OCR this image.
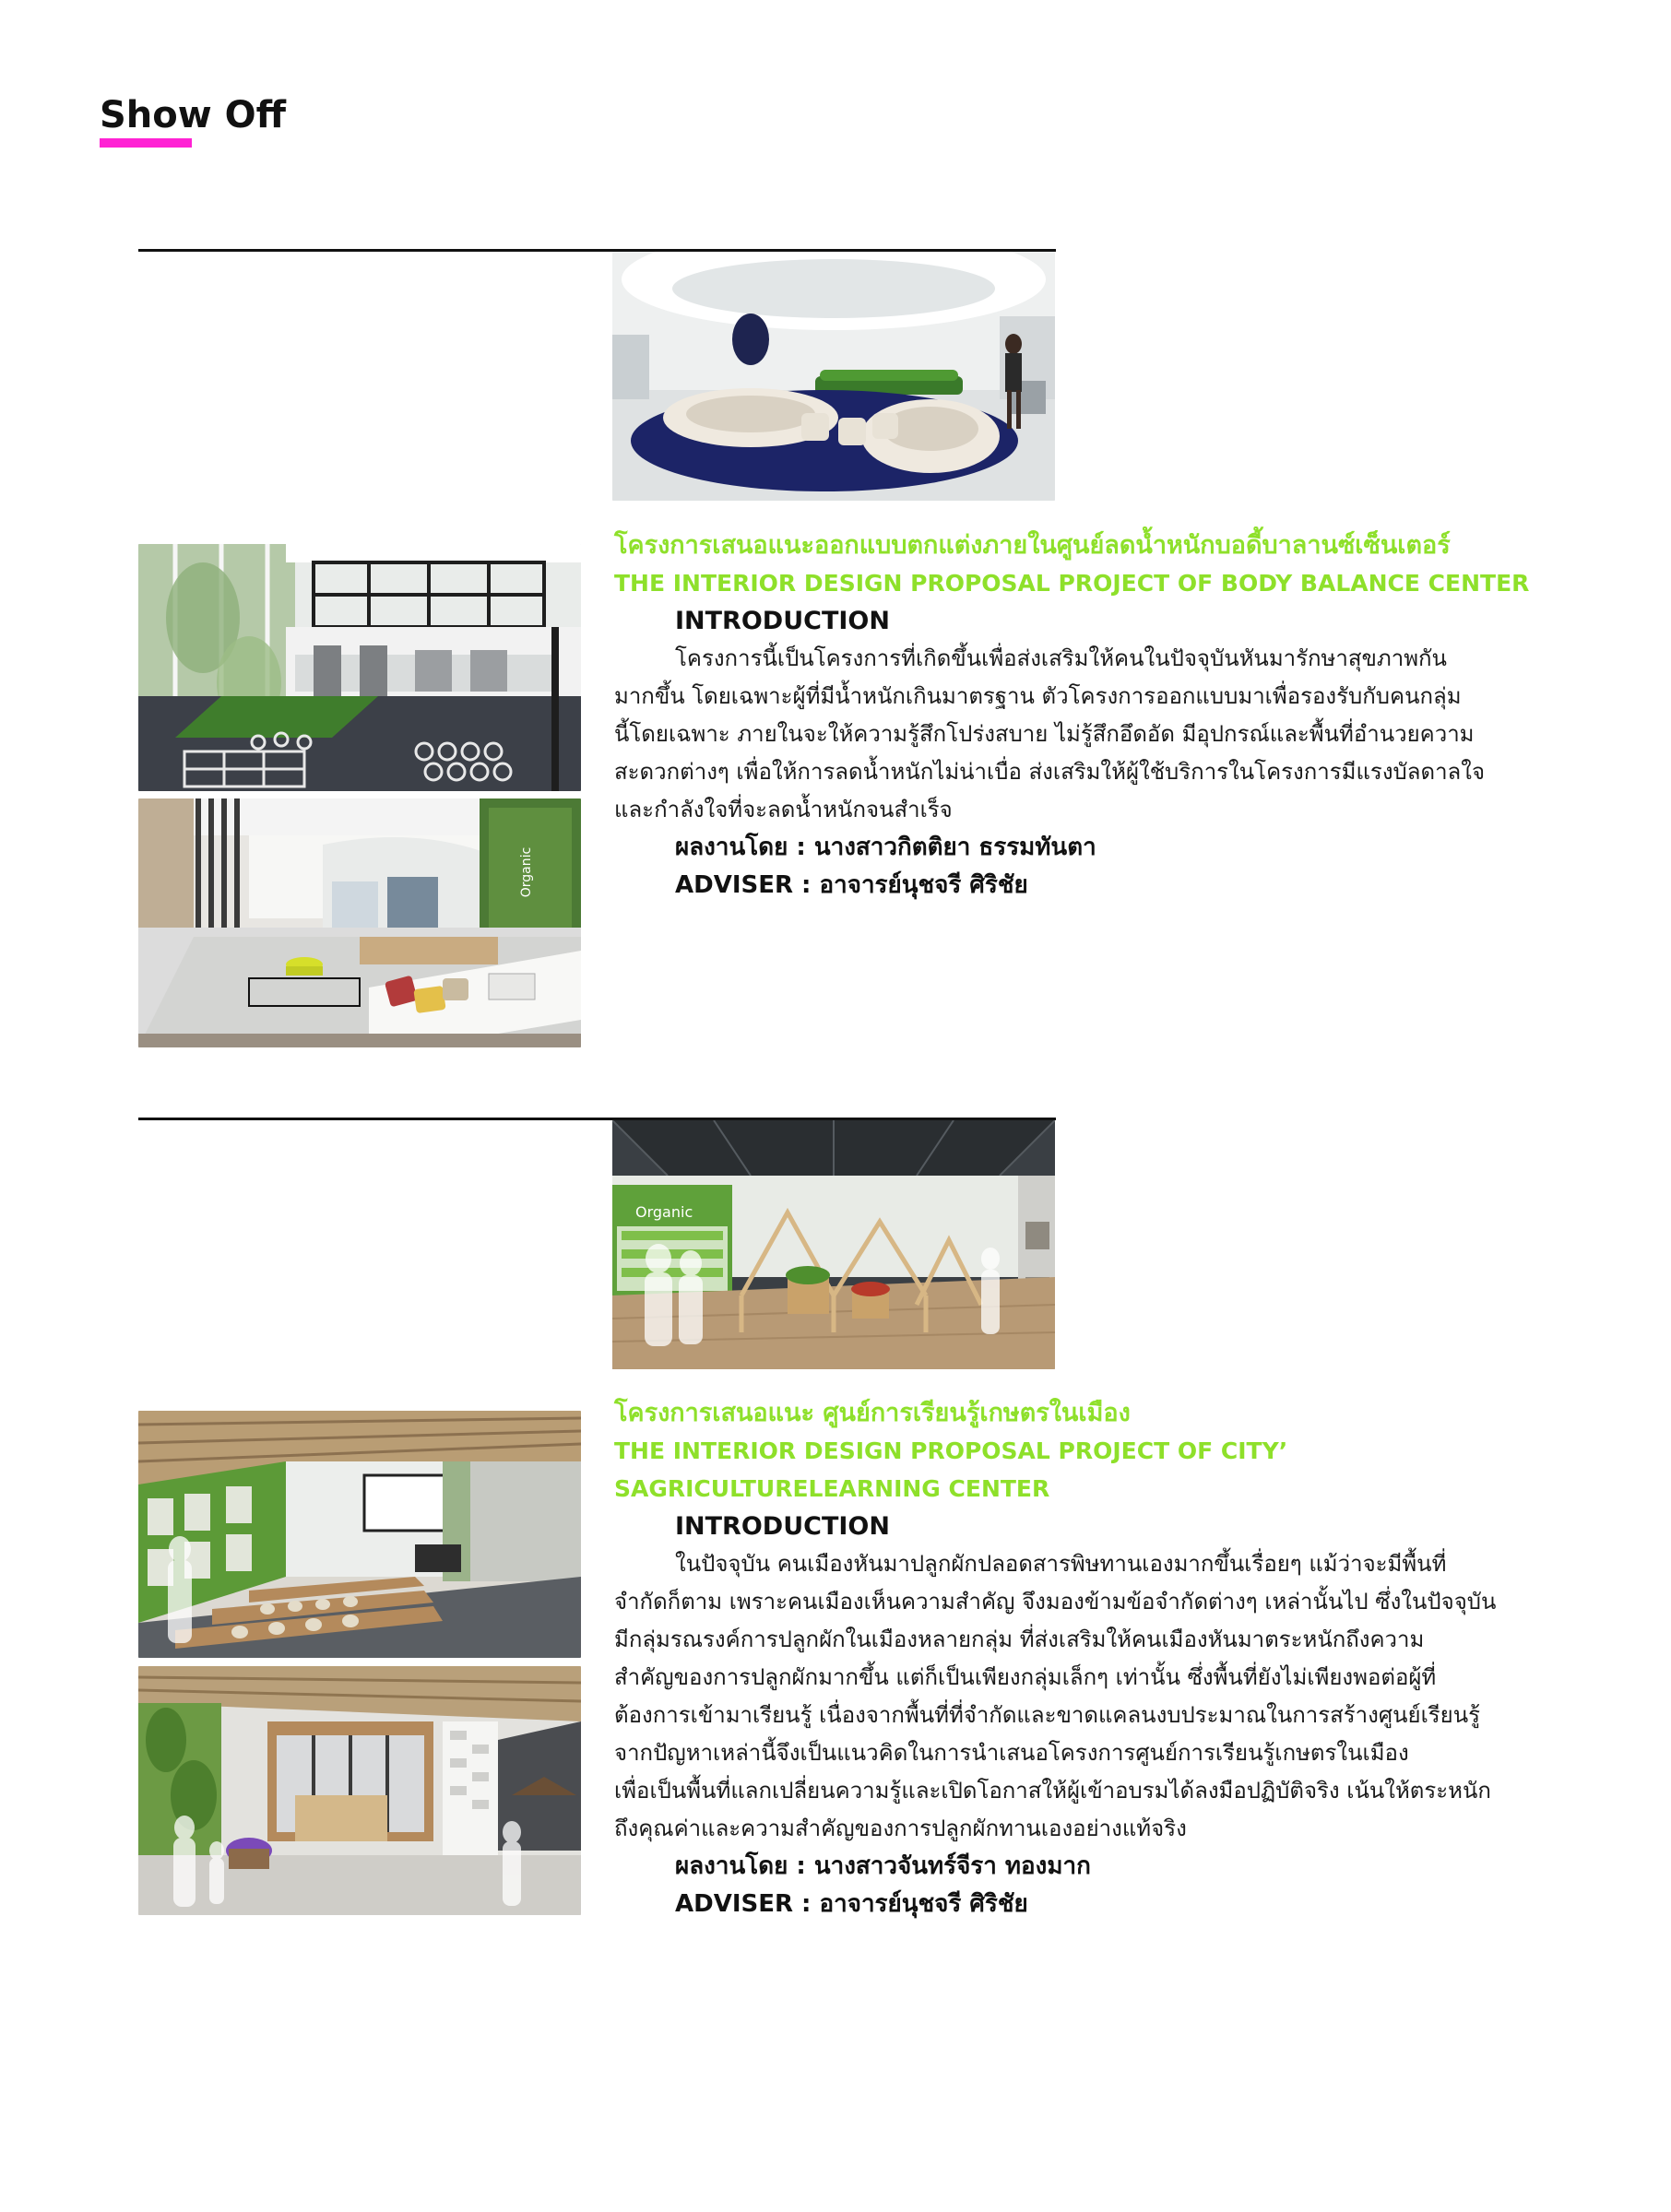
Show Off
Organic

โครงการเสนอแนะออกแบบตกแต่งภายในศูนย์ลดน้ำหนักบอดี้บาลานซ์เซ็นเตอร์

THE INTERIOR DESIGN PROPOSAL PROJECT OF BODY BALANCE CENTER

INTRODUCTION

โครงการนี้เป็นโครงการที่เกิดขึ้นเพื่อส่งเสริมให้คนในปัจจุบันหันมารักษาสุขภาพกัน
มากขึ้น โดยเฉพาะผู้ที่มีน้ำหนักเกินมาตรฐาน ตัวโครงการออกแบบมาเพื่อรองรับกับคนกลุ่ม
นี้โดยเฉพาะ ภายในจะให้ความรู้สึกโปร่งสบาย ไม่รู้สึกอึดอัด มีอุปกรณ์และพื้นที่อำนวยความ
สะดวกต่างๆ เพื่อให้การลดน้ำหนักไม่น่าเบื่อ ส่งเสริมให้ผู้ใช้บริการในโครงการมีแรงบัลดาลใจ
และกำลังใจที่จะลดน้ำหนักจนสำเร็จ

ผลงานโดย : นางสาวกิตติยา ธรรมทันตา

ADVISER : อาจารย์นุชจรี ศิริชัย

Organic

โครงการเสนอแนะ ศูนย์การเรียนรู้เกษตรในเมือง

THE INTERIOR DESIGN PROPOSAL PROJECT OF CITY’

SAGRICULTURELEARNING CENTER

INTRODUCTION

ในปัจจุบัน คนเมืองหันมาปลูกผักปลอดสารพิษทานเองมากขึ้นเรื่อยๆ แม้ว่าจะมีพื้นที่
จำกัดก็ตาม เพราะคนเมืองเห็นความสำคัญ จึงมองข้ามข้อจำกัดต่างๆ เหล่านั้นไป ซึ่งในปัจจุบัน
มีกลุ่มรณรงค์การปลูกผักในเมืองหลายกลุ่ม ที่ส่งเสริมให้คนเมืองหันมาตระหนักถึงความ
สำคัญของการปลูกผักมากขึ้น แต่ก็เป็นเพียงกลุ่มเล็กๆ เท่านั้น ซึ่งพื้นที่ยังไม่เพียงพอต่อผู้ที่
ต้องการเข้ามาเรียนรู้ เนื่องจากพื้นที่ที่จำกัดและขาดแคลนงบประมาณในการสร้างศูนย์เรียนรู้
จากปัญหาเหล่านี้จึงเป็นแนวคิดในการนำเสนอโครงการศูนย์การเรียนรู้เกษตรในเมือง
เพื่อเป็นพื้นที่แลกเปลี่ยนความรู้และเปิดโอกาสให้ผู้เข้าอบรมได้ลงมือปฏิบัติจริง เน้นให้ตระหนัก
ถึงคุณค่าและความสำคัญของการปลูกผักทานเองอย่างแท้จริง

ผลงานโดย : นางสาวจันทร์จีรา ทองมาก

ADVISER : อาจารย์นุชจรี ศิริชัย
